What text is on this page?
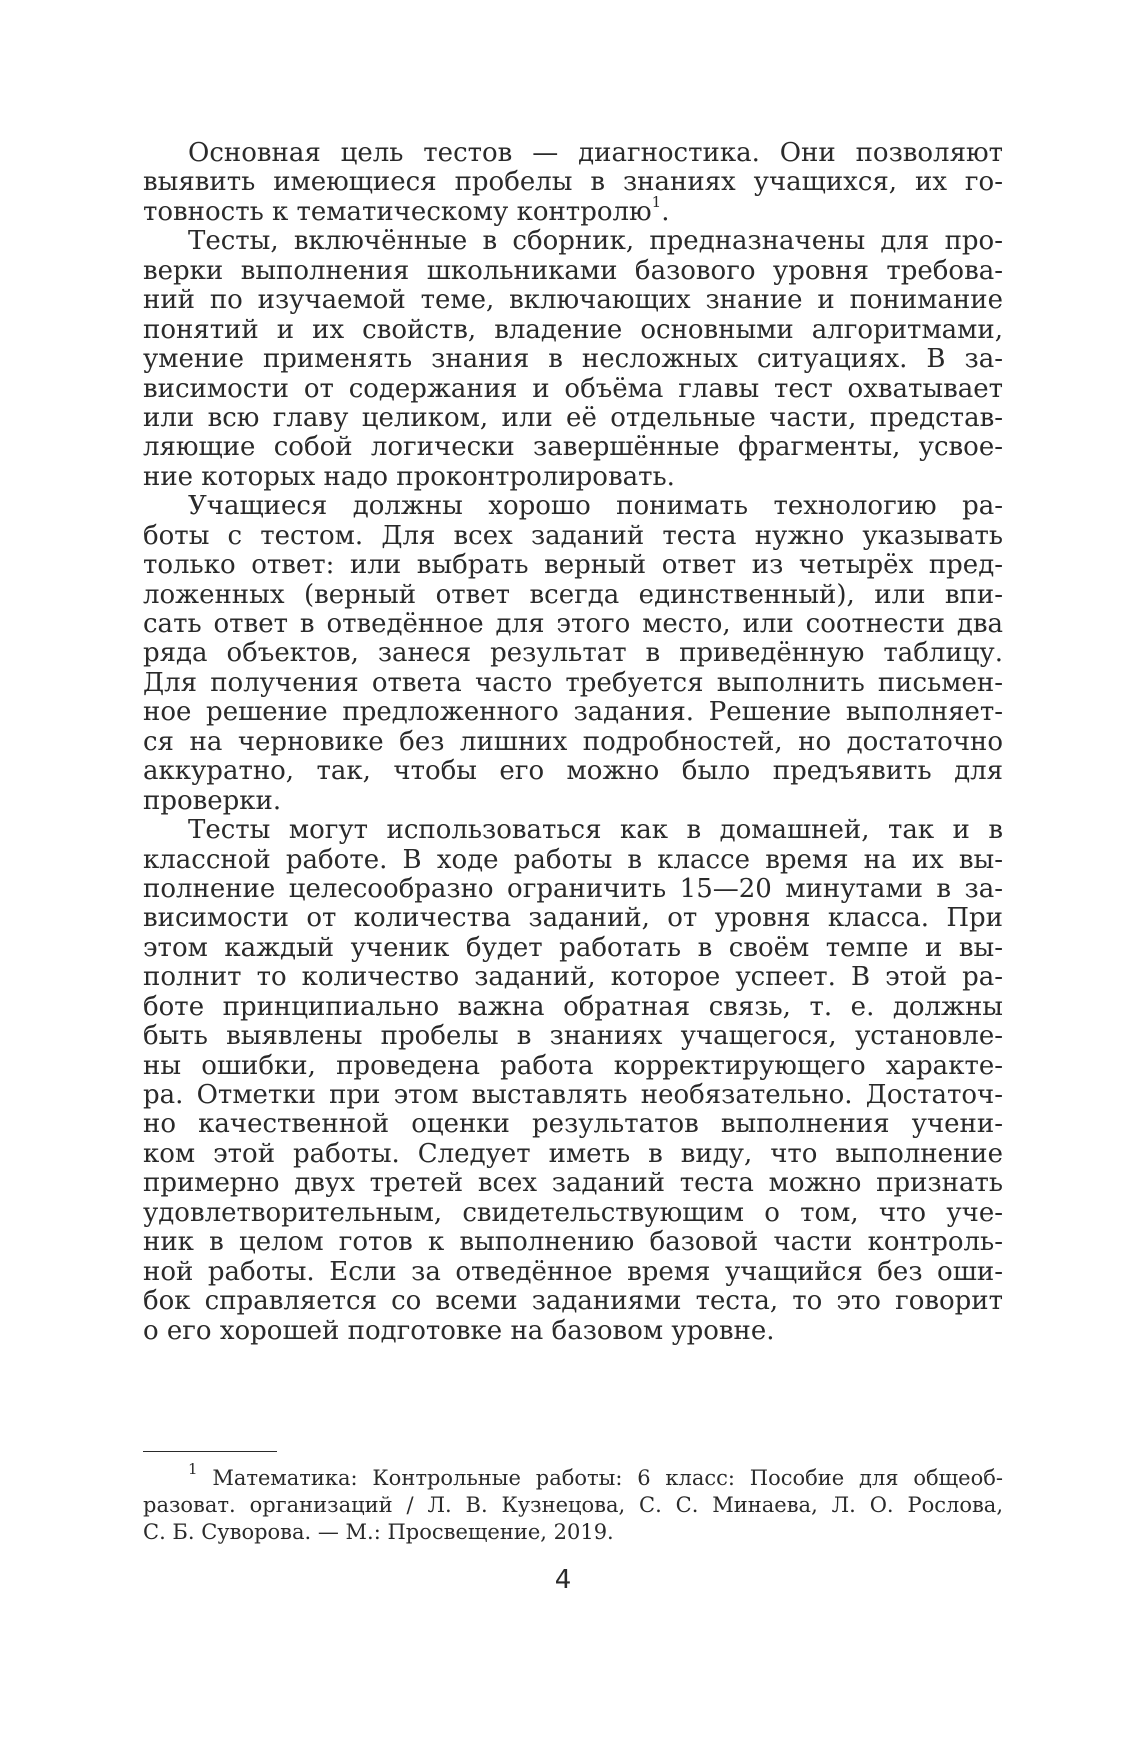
Основная цель тестов — диагностика. Они позволяют
выявить имеющиеся пробелы в знаниях учащихся, их го-
товность к тематическому контролю$^1$.
Тесты, включённые в сборник, предназначены для про-
верки выполнения школьниками базового уровня требова-
ний по изучаемой теме, включающих знание и понимание
понятий и их свойств, владение основными алгоритмами,
умение применять знания в несложных ситуациях. В за-
висимости от содержания и объёма главы тест охватывает
или всю главу целиком, или её отдельные части, представ-
ляющие собой логически завершённые фрагменты, усвое-
ние которых надо проконтролировать.
Учащиеся должны хорошо понимать технологию ра-
боты с тестом. Для всех заданий теста нужно указывать
только ответ: или выбрать верный ответ из четырёх пред-
ложенных (верный ответ всегда единственный), или впи-
сать ответ в отведённое для этого место, или соотнести два
ряда объектов, занеся результат в приведённую таблицу.
Для получения ответа часто требуется выполнить письмен-
ное решение предложенного задания. Решение выполняет-
ся на черновике без лишних подробностей, но достаточно
аккуратно, так, чтобы его можно было предъявить для
проверки.
Тесты могут использоваться как в домашней, так и в
классной работе. В ходе работы в классе время на их вы-
полнение целесообразно ограничить 15—20 минутами в за-
висимости от количества заданий, от уровня класса. При
этом каждый ученик будет работать в своём темпе и вы-
полнит то количество заданий, которое успеет. В этой ра-
боте принципиально важна обратная связь, т. е. должны
быть выявлены пробелы в знаниях учащегося, установле-
ны ошибки, проведена работа корректирующего характе-
ра. Отметки при этом выставлять необязательно. Достаточ-
но качественной оценки результатов выполнения учени-
ком этой работы. Следует иметь в виду, что выполнение
примерно двух третей всех заданий теста можно признать
удовлетворительным, свидетельствующим о том, что уче-
ник в целом готов к выполнению базовой части контроль-
ной работы. Если за отведённое время учащийся без оши-
бок справляется со всеми заданиями теста, то это говорит
о его хорошей подготовке на базовом уровне.
$^1$ Математика: Контрольные работы: 6 класс: Пособие для общеоб-
разоват. организаций / Л. В. Кузнецова, С. С. Минаева, Л. О. Рослова,
С. Б. Суворова. — М.: Просвещение, 2019.
4
